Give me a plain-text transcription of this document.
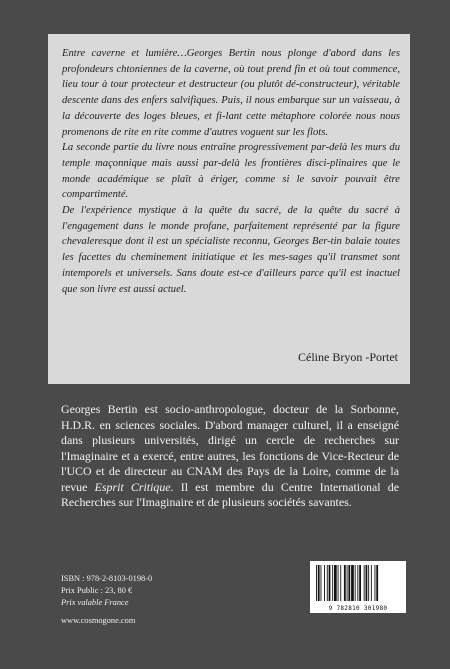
Entre caverne et lumière…Georges Bertin nous plonge d'abord dans les profondeurs chtoniennes de la caverne, où tout prend fin et où tout commence, lieu tour à tour protecteur et destructeur (ou plutôt dé-constructeur), véritable descente dans des enfers salvifiques. Puis, il nous embarque sur un vaisseau, à la découverte des loges bleues, et fi-lant cette métaphore colorée nous nous promenons de rite en rite comme d'autres voguent sur les flots.

La seconde partie du livre nous entraîne progressivement par-delà les murs du temple maçonnique mais aussi par-delà les frontières disci-plinaires que le monde académique se plaît à ériger, comme si le savoir pouvait être compartimenté.

De l'expérience mystique à la quête du sacré, de la quête du sacré à l'engagement dans le monde profane, parfaitement représenté par la figure chevaleresque dont il est un spécialiste reconnu, Georges Ber-tin balaie toutes les facettes du cheminement initiatique et les mes-sages qu'il transmet sont intemporels et universels. Sans doute est-ce d'ailleurs parce qu'il est inactuel que son livre est aussi actuel.

Céline Bryon -Portet

Georges Bertin est socio-anthropologue, docteur de la Sorbonne, H.D.R. en sciences sociales. D'abord manager culturel, il a enseigné dans plusieurs universités, dirigé un cercle de recherches sur l'Imaginaire et a exercé, entre autres, les fonctions de Vice-Recteur de l'UCO et de directeur au CNAM des Pays de la Loire, comme de la revue Esprit Critique. Il est membre du Centre International de Recherches sur l'Imaginaire et de plusieurs sociétés savantes.

ISBN : 978-2-8103-0198-0
Prix Public : 23, 80 €
Prix valable France
www.cosmogone.com
9 782810 301980
